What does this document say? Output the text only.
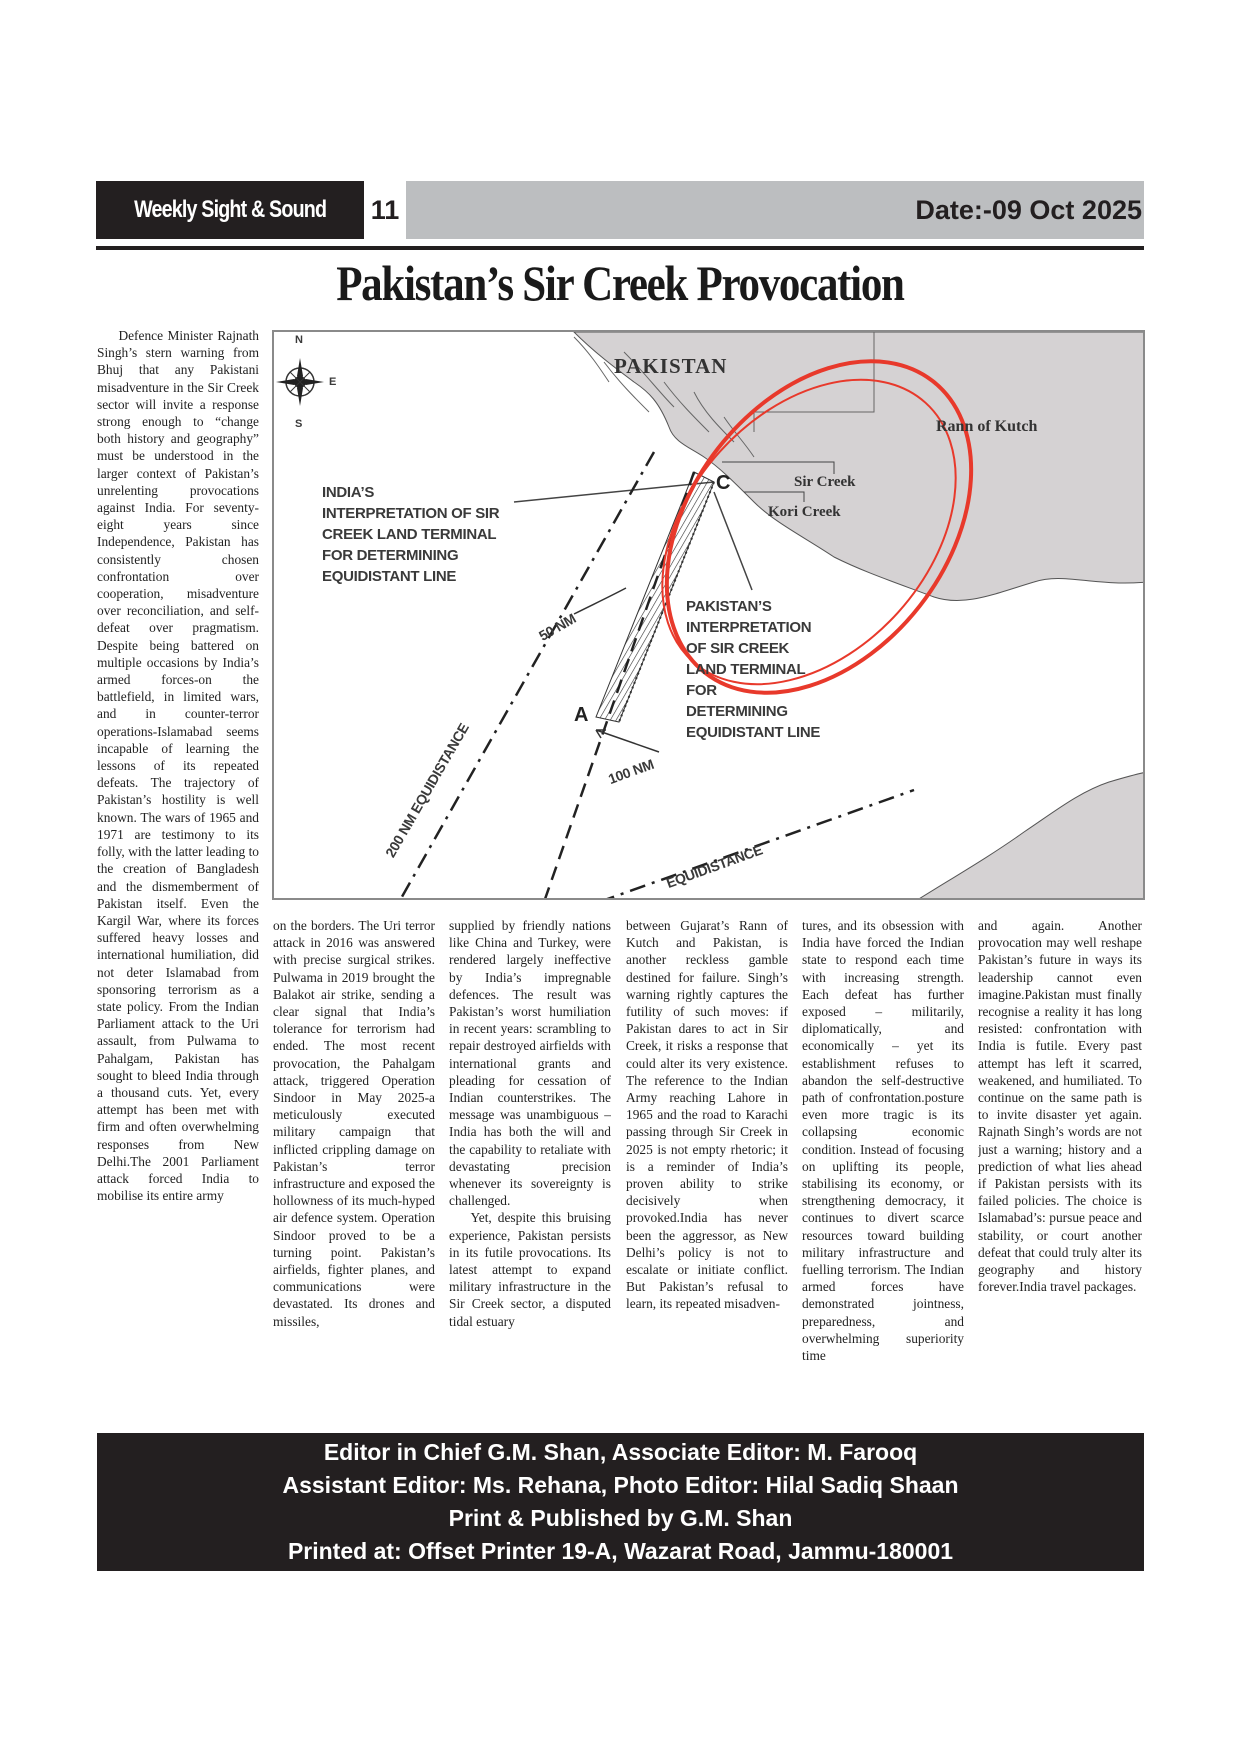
Weekly Sight & Sound 11	Date:-09 Oct 2025
Pakistan’s Sir Creek Provocation
N
E
S
PAKISTAN
Rann of Kutch
Sir Creek
Kori Creek
C
A
INDIA’S
INTERPRETATION OF SIR
CREEK LAND TERMINAL
FOR DETERMINING
EQUIDISTANT LINE
PAKISTAN’S
INTERPRETATION
OF SIR CREEK
LAND TERMINAL
FOR
DETERMINING
EQUIDISTANT LINE
50 NM
100 NM
200 NM EQUIDISTANCE
EQUIDISTANCE

Defence Minister Rajnath Singh’s stern warning from Bhuj that any Pakistani misadventure in the Sir Creek sector will invite a response strong enough to “change both history and geography” must be understood in the larger context of Pakistan’s unrelenting provocations against India. For seventy-eight years since Independence, Pakistan has consistently chosen confrontation over cooperation, misadventure over reconciliation, and self-defeat over pragmatism. Despite being battered on multiple occasions by India’s armed forces-on the battlefield, in limited wars, and in counter-terror operations-Islamabad seems incapable of learning the lessons of its repeated defeats. The trajectory of Pakistan’s hostility is well known. The wars of 1965 and 1971 are testimony to its folly, with the latter leading to the creation of Bangladesh and the dismemberment of Pakistan itself. Even the Kargil War, where its forces suffered heavy losses and international humiliation, did not deter Islamabad from sponsoring terrorism as a state policy. From the Indian Parliament attack to the Uri assault, from Pulwama to Pahalgam, Pakistan has sought to bleed India through a thousand cuts. Yet, every attempt has been met with firm and often overwhelming responses from New Delhi.The 2001 Parliament attack forced India to mobilise its entire army

on the borders. The Uri terror attack in 2016 was answered with precise surgical strikes. Pulwama in 2019 brought the Balakot air strike, sending a clear signal that India’s tolerance for terrorism had ended. The most recent provocation, the Pahalgam attack, triggered Operation Sindoor in May 2025-a meticulously executed military campaign that inflicted crippling damage on Pakistan’s terror infrastructure and exposed the hollowness of its much-hyped air defence system. Operation Sindoor proved to be a turning point. Pakistan’s airfields, fighter planes, and communications were devastated. Its drones and missiles,

supplied by friendly nations like China and Turkey, were rendered largely ineffective by India’s impregnable defences. The result was Pakistan’s worst humiliation in recent years: scrambling to repair destroyed airfields with international grants and pleading for cessation of Indian counterstrikes. The message was unambiguous – India has both the will and the capability to retaliate with devastating precision whenever its sovereignty is challenged.

Yet, despite this bruising experience, Pakistan persists in its futile provocations. Its latest attempt to expand military infrastructure in the Sir Creek sector, a disputed tidal estuary

between Gujarat’s Rann of Kutch and Pakistan, is another reckless gamble destined for failure. Singh’s warning rightly captures the futility of such moves: if Pakistan dares to act in Sir Creek, it risks a response that could alter its very existence. The reference to the Indian Army reaching Lahore in 1965 and the road to Karachi passing through Sir Creek in 2025 is not empty rhetoric; it is a reminder of India’s proven ability to strike decisively when provoked.India has never been the aggressor, as New Delhi’s policy is not to escalate or initiate conflict. But Pakistan’s refusal to learn, its repeated misadven-

tures, and its obsession with India have forced the Indian state to respond each time with increasing strength. Each defeat has further exposed – militarily, diplomatically, and economically – yet its establishment refuses to abandon the self-destructive path of confrontation.posture even more tragic is its collapsing economic condition. Instead of focusing on uplifting its people, stabilising its economy, or strengthening democracy, it continues to divert scarce resources toward building military infrastructure and fuelling terrorism. The Indian armed forces have demonstrated jointness, preparedness, and overwhelming superiority time

and again. Another provocation may well reshape Pakistan’s future in ways its leadership cannot even imagine.Pakistan must finally recognise a reality it has long resisted: confrontation with India is futile. Every past attempt has left it scarred, weakened, and humiliated. To continue on the same path is to invite disaster yet again. Rajnath Singh’s words are not just a warning; history and a prediction of what lies ahead if Pakistan persists with its failed policies. The choice is Islamabad’s: pursue peace and stability, or court another defeat that could truly alter its geography and history forever.India travel packages.

Editor in Chief G.M. Shan, Associate Editor: M. Farooq
Assistant Editor: Ms. Rehana, Photo Editor: Hilal Sadiq Shaan
Print & Published by G.M. Shan
Printed at: Offset Printer 19-A, Wazarat Road, Jammu-180001
